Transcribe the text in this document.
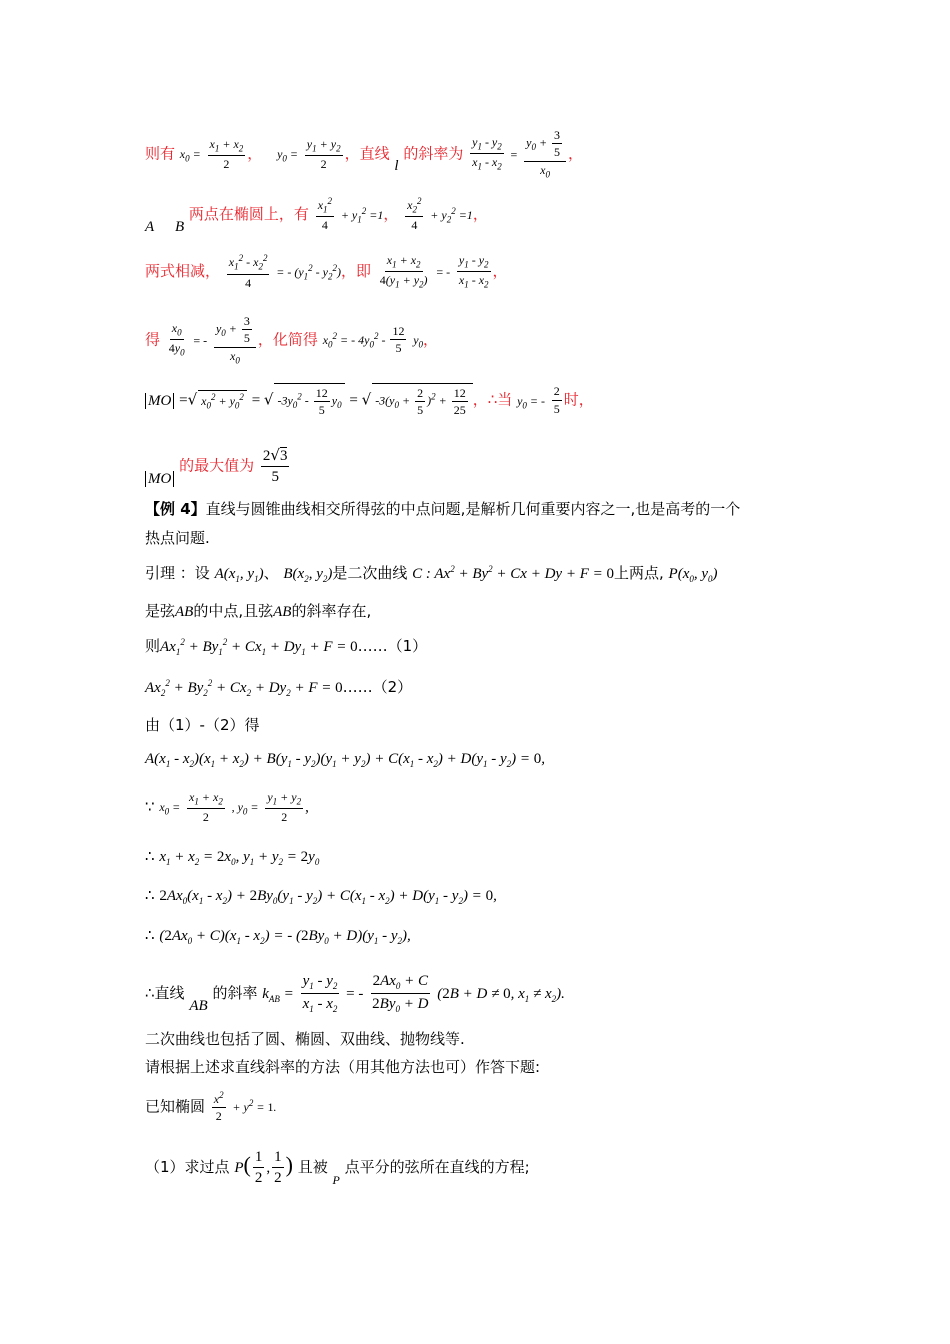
则有 $x_0 = \frac{x_1 + x_2}{2}$ ， $y_0 = \frac{y_1 + y_2}{2}$ ，直线 l 的斜率为 $\frac{y_1 - y_2}{x_1 - x_2} = \frac{y_0 + \frac{3}{5}}{x_0}$ ，
A B 两点在椭圆上，有 $\frac{x_1^2}{4} + y_1^2 =1$， $\frac{x_2^2}{4} + y_2^2 =1$，
两式相减， $\frac{x_1^2 - x_2^2}{4}$ = - $(y_1^2 - y_2^2)$，即 $\frac{x_1 + x_2}{4(y_1 + y_2)}$ = - $\frac{y_1 - y_2}{x_1 - x_2}$ ，
得 $\frac{x_0}{4y_0}$ = - $\frac{y_0 + \frac{3}{5}}{x_0}$ ，化简得 $x_0^2$ = - $4y_0^2 - \frac{12}{5} y_0$，
MO =√ $x_0^2 + y_0^2$ = √ $-3y_0^2 - \frac{12}{5} y_0$ = √ $-3(y_0 + \frac{2}{5} )^2 + \frac{12}{25}$ ，∴当 $y_0$ = - $\frac{2}{5}$ 时，
MO 的最大值为 $\frac{2√3}{5}$
【例 4】直线与圆锥曲线相交所得弦的中点问题,是解析几何重要内容之一,也是高考的一个
热点问题.
引理 ：设 $A(x_1$, $y_1$)、 $B(x_2$, $y_2$)是二次曲线 C : $Ax^2 + By^2 + Cx + Dy + F = 0$上两点, $P(x_0$, $y_0$)
是弦AB的中点,且弦AB的斜率存在,
则$Ax_1^2 + By_1^2 + Cx_1 + Dy_1 + F$ = 0……（1）
$Ax_2^2 + By_2^2 + Cx_2 + Dy_2 + F$ = 0……（2）
由（1）-（2）得
$A(x_1 - x_2)(x_1 + x_2) + B(y_1 - y_2)(y_1 + y_2) + C(x_1 - x_2) + D(y_1 - y_2) = 0$,
∵ $x_0 = \frac{x_1 + x_2}{2}$ , $y_0 = \frac{y_1 + y_2}{2}$ ,
∴ $x_1 + x_2 = 2x_0$, $y_1 + y_2 = 2y_0$
∴ $2Ax_0(x_1 - x_2) + 2By_0(y_1 - y_2) + C(x_1 - x_2) + D(y_1 - y_2) = 0$,
∴ $(2Ax_0 + C)(x_1 - x_2)$ = - $(2By_0 + D)(y_1 - y_2)$,
∴直线 AB 的斜率 $k_{AB} = \frac{y_1 - y_2}{x_1 - x_2}$ = - $\frac{2Ax_0 + C}{2By_0 + D} (2B + D \ne 0$, $x_1 \ne x_2$).
二次曲线也包括了圆、椭圆、双曲线、抛物线等.
请根据上述求直线斜率的方法（用其他方法也可）作答下题:
已知椭圆 $\frac{x^2}{2} + y^2 = 1$.
（1）求过点 $P( \frac{1}{2}$ , $\frac{1}{2}$ ) 且被 $_P$ 点平分的弦所在直线的方程;
